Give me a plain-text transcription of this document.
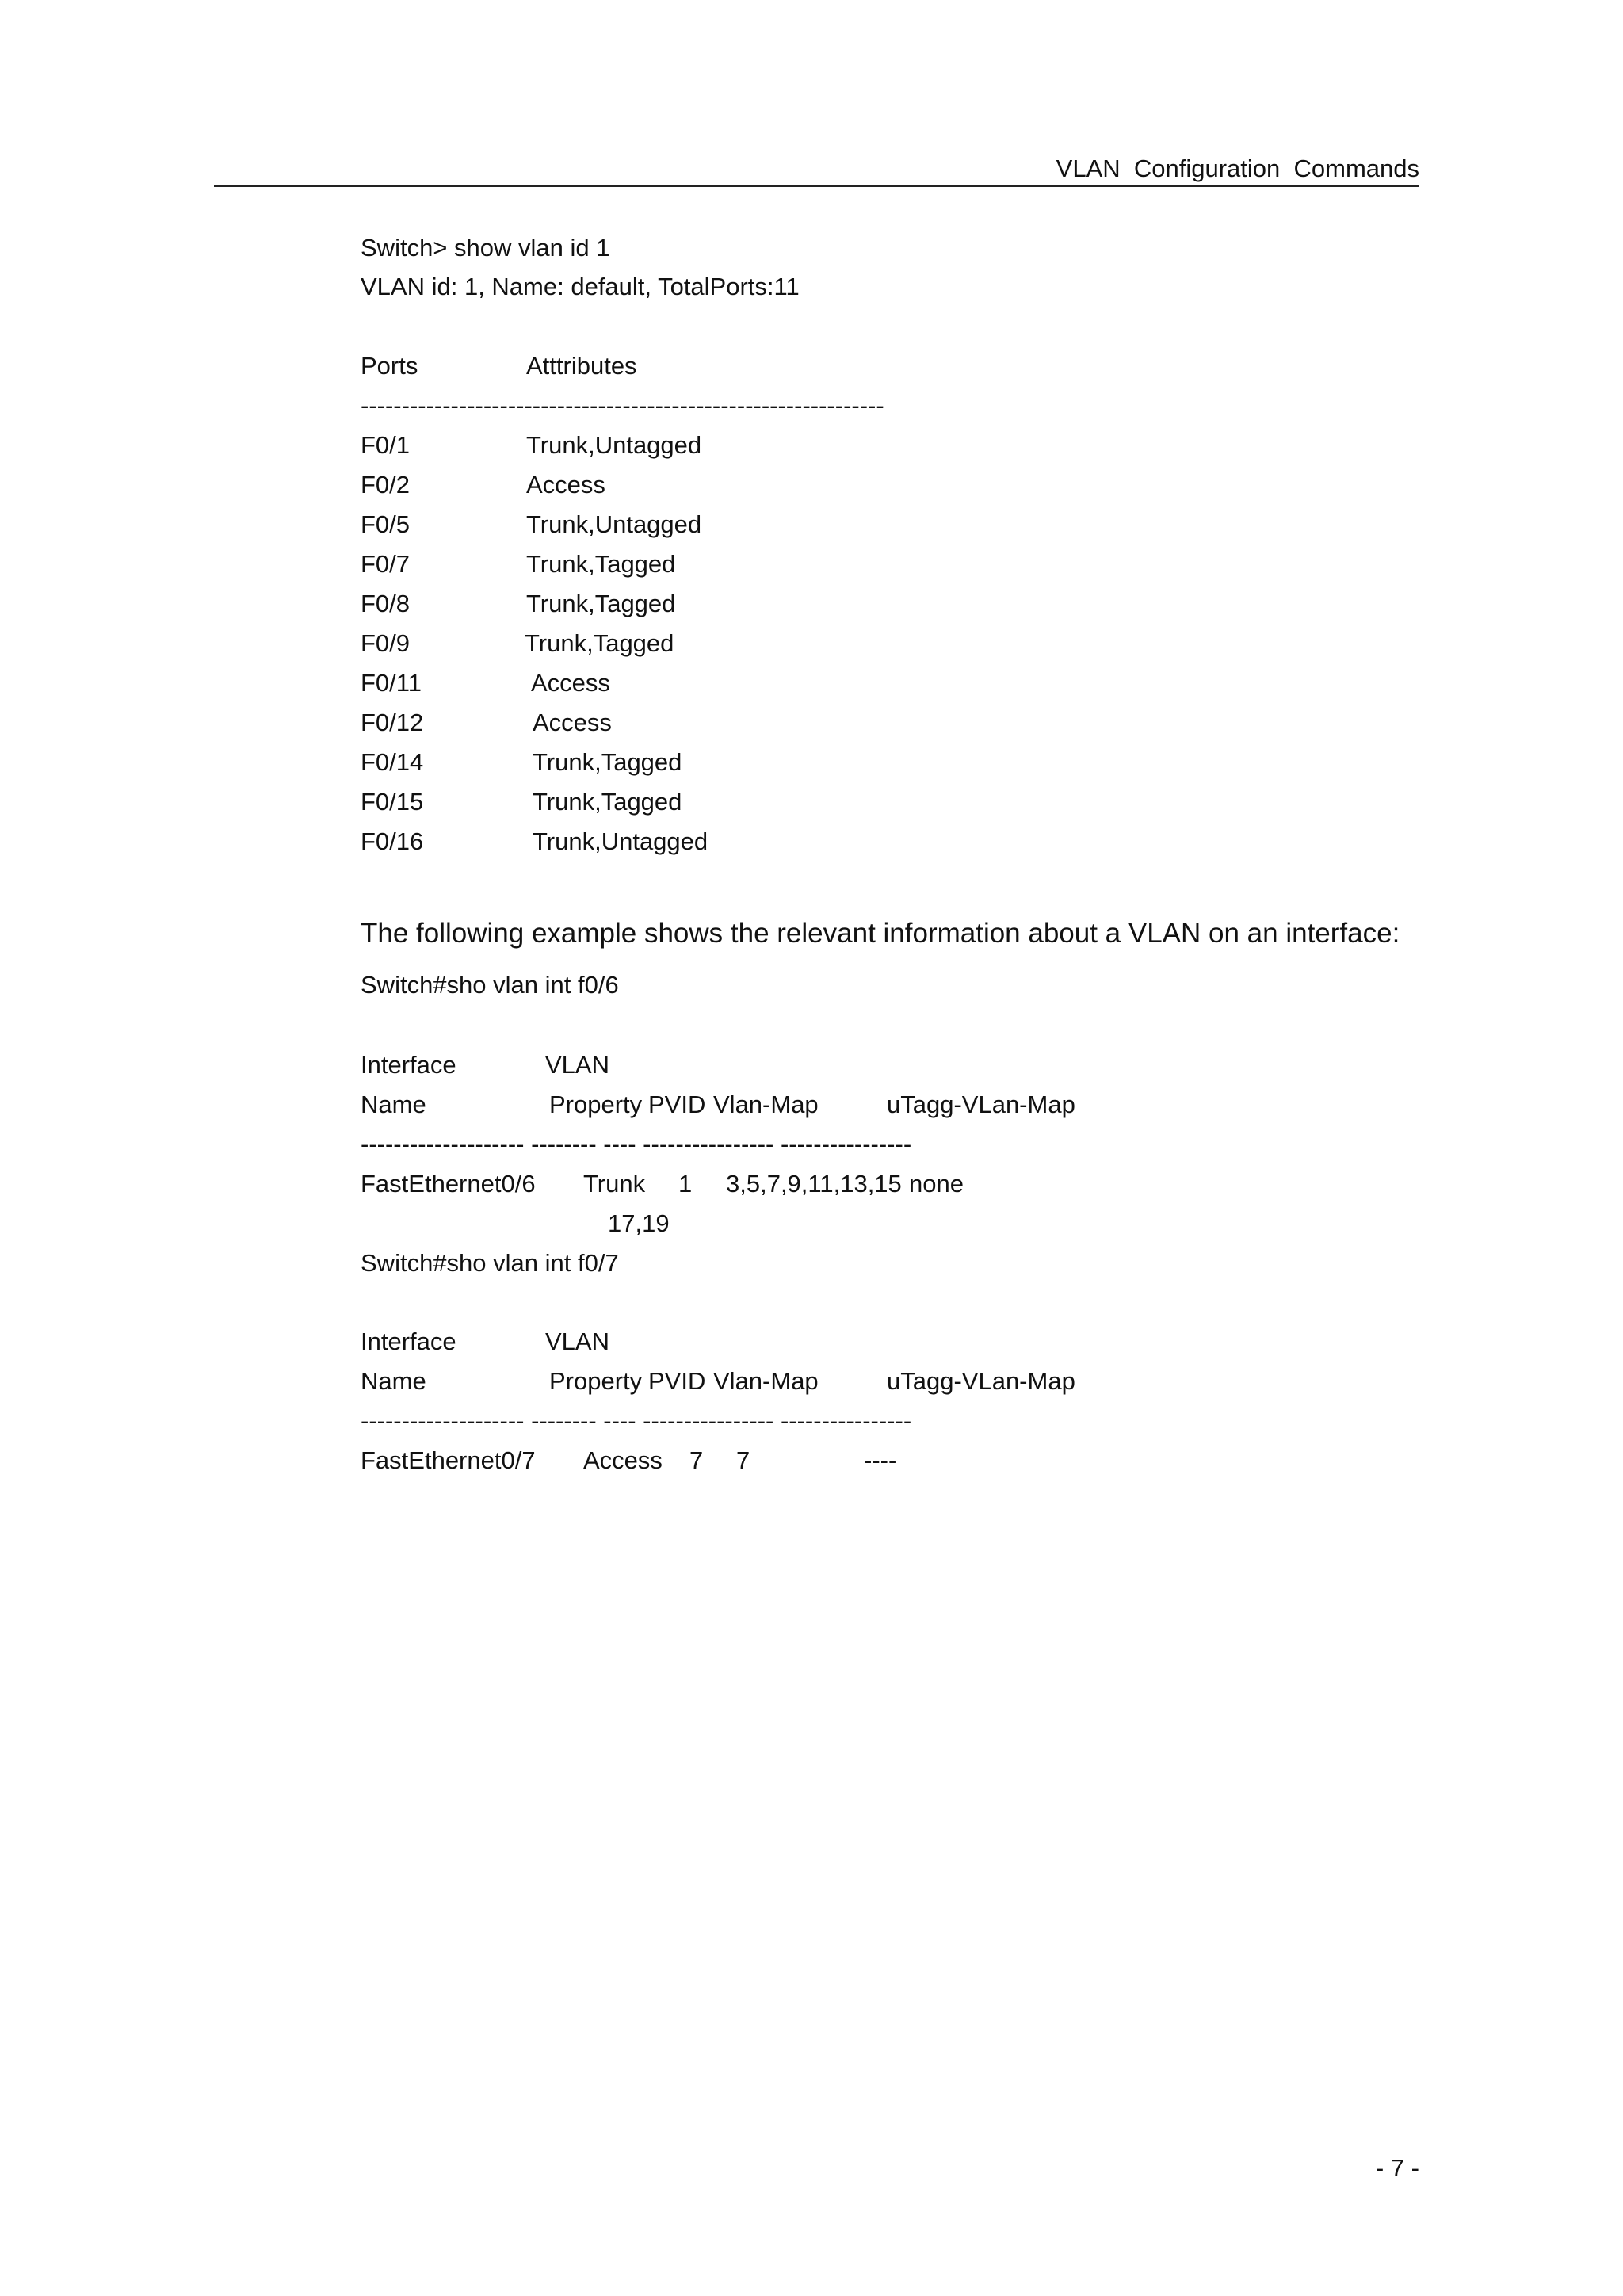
VLAN  Configuration  Commands
Switch> show vlan id 1
VLAN id: 1, Name: default, TotalPorts:11
Ports	Atttributes
----------------------------------------------------------------
F0/1	Trunk,Untagged
F0/2	Access
F0/5	Trunk,Untagged
F0/7	Trunk,Tagged
F0/8	Trunk,Tagged
F0/9	Trunk,Tagged
F0/11	Access
F0/12	Access
F0/14	Trunk,Tagged
F0/15	Trunk,Tagged
F0/16	Trunk,Untagged
The following example shows the relevant information about a VLAN on an interface:
Switch#sho vlan int f0/6
Interface	VLAN
Name	Property PVID Vlan-Map	uTagg-VLan-Map
-------------------- -------- ---- ---------------- ----------------
FastEthernet0/6 Trunk 1 3,5,7,9,11,13,15 none
17,19
Switch#sho vlan int f0/7
Interface	VLAN
Name	Property PVID Vlan-Map	uTagg-VLan-Map
-------------------- -------- ---- ---------------- ----------------
FastEthernet0/7 Access 7 7	----
- 7 -
